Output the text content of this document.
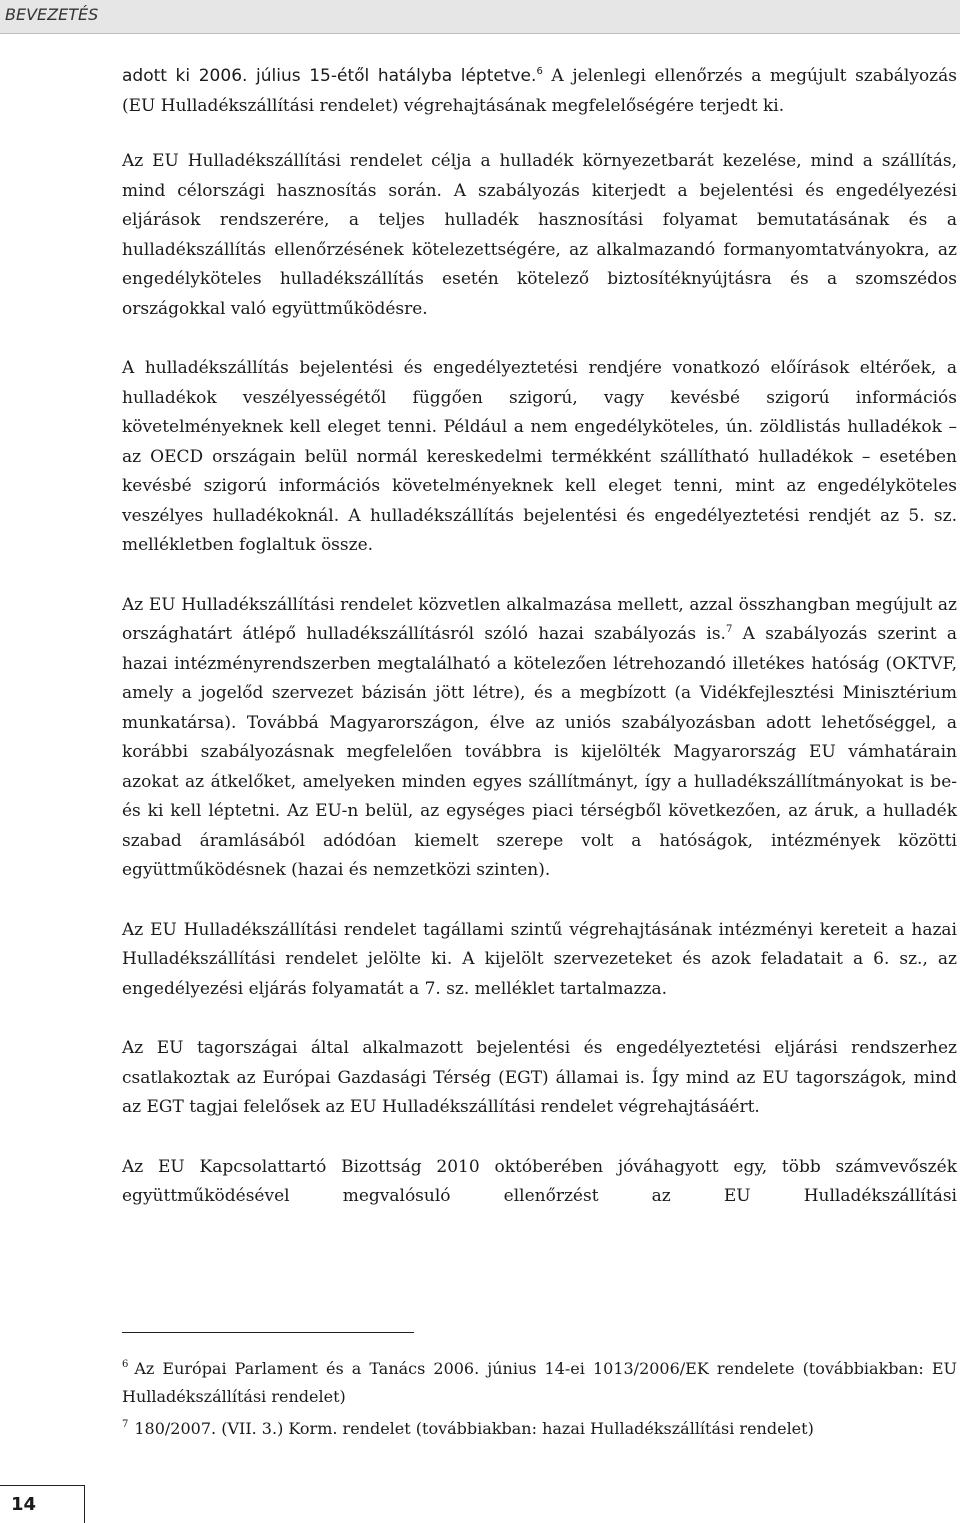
BEVEZETÉS

adott ki 2006. július 15-étől hatályba léptetve.$^6$ A jelenlegi ellenőrzés a megújult szabályozás (EU Hulladékszállítási rendelet) végrehajtásának megfelelőségére terjedt ki.

Az EU Hulladékszállítási rendelet célja a hulladék környezetbarát kezelése, mind a szállítás, mind célországi hasznosítás során. A szabályozás kiterjedt a bejelentési és engedélyezési eljárások rendszerére, a teljes hulladék hasznosítási folyamat bemutatásának és a hulladékszállítás ellenőrzésének kötelezettségére, az alkalmazandó formanyomtatványokra, az engedélyköteles hulladékszállítás esetén kötelező biztosítéknyújtásra és a szomszédos országokkal való együttműködésre.

A hulladékszállítás bejelentési és engedélyeztetési rendjére vonatkozó előírások eltérőek, a hulladékok veszélyességétől függően szigorú, vagy kevésbé szigorú információs követelményeknek kell eleget tenni. Például a nem engedélyköteles, ún. zöldlistás hulladékok – az OECD országain belül normál kereskedelmi termékként szállítható hulladékok – esetében kevésbé szigorú információs követelményeknek kell eleget tenni, mint az engedélyköteles veszélyes hulladékoknál. A hulladékszállítás bejelentési és engedélyeztetési rendjét az 5. sz. mellékletben foglaltuk össze.

Az EU Hulladékszállítási rendelet közvetlen alkalmazása mellett, azzal összhangban megújult az országhatárt átlépő hulladékszállításról szóló hazai szabályozás is.$^7$ A szabályozás szerint a hazai intézményrendszerben megtalálható a kötelezően létrehozandó illetékes hatóság (OKTVF, amely a jogelőd szervezet bázisán jött létre), és a megbízott (a Vidékfejlesztési Minisztérium munkatársa). Továbbá Magyarországon, élve az uniós szabályozásban adott lehetőséggel, a korábbi szabályozásnak megfelelően továbbra is kijelölték Magyarország EU vámhatárain azokat az átkelőket, amelyeken minden egyes szállítmányt, így a hulladékszállítmányokat is be- és ki kell léptetni. Az EU-n belül, az egységes piaci térségből következően, az áruk, a hulladék szabad áramlásából adódóan kiemelt szerepe volt a hatóságok, intézmények közötti együttműködésnek (hazai és nemzetközi szinten).

Az EU Hulladékszállítási rendelet tagállami szintű végrehajtásának intézményi kereteit a hazai Hulladékszállítási rendelet jelölte ki. A kijelölt szervezeteket és azok feladatait a 6. sz., az engedélyezési eljárás folyamatát a 7. sz. melléklet tartalmazza.

Az EU tagországai által alkalmazott bejelentési és engedélyeztetési eljárási rendszerhez csatlakoztak az Európai Gazdasági Térség (EGT) államai is. Így mind az EU tagországok, mind az EGT tagjai felelősek az EU Hulladékszállítási rendelet végrehajtásáért.

Az EU Kapcsolattartó Bizottság 2010 októberében jóváhagyott egy, több számvevőszék együttműködésével megvalósuló ellenőrzést az EU Hulladékszállítási

$^6$ Az Európai Parlament és a Tanács 2006. június 14-ei 1013/2006/EK rendelete (továbbiakban: EU Hulladékszállítási rendelet)

$^7$ 180/2007. (VII. 3.) Korm. rendelet (továbbiakban: hazai Hulladékszállítási rendelet)

14
